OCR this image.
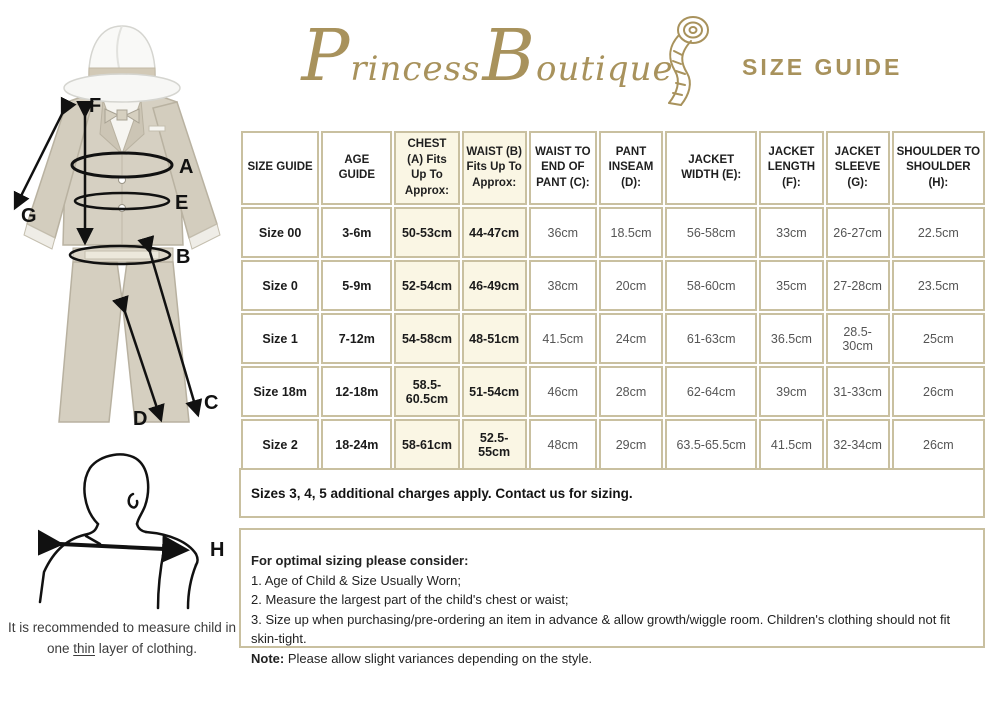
Princess Boutique	SIZE GUIDE
F
G
A
E
B
C
D
H
It is recommended to measure child in one thin layer of clothing.
SIZE GUIDE	AGE GUIDE	CHEST (A) Fits Up To Approx:	WAIST (B) Fits Up To Approx:	WAIST TO END OF PANT (C):	PANT INSEAM (D):	JACKET WIDTH (E):	JACKET LENGTH (F):	JACKET SLEEVE (G):	SHOULDER TO SHOULDER (H):
Size 00	3-6m	50-53cm	44-47cm	36cm	18.5cm	56-58cm	33cm	26-27cm	22.5cm
Size 0	5-9m	52-54cm	46-49cm	38cm	20cm	58-60cm	35cm	27-28cm	23.5cm
Size 1	7-12m	54-58cm	48-51cm	41.5cm	24cm	61-63cm	36.5cm	28.5-30cm	25cm
Size 18m	12-18m	58.5-60.5cm	51-54cm	46cm	28cm	62-64cm	39cm	31-33cm	26cm
Size 2	18-24m	58-61cm	52.5-55cm	48cm	29cm	63.5-65.5cm	41.5cm	32-34cm	26cm
Sizes 3, 4, 5 additional charges apply. Contact us for sizing.
For optimal sizing please consider:
1. Age of Child & Size Usually Worn;
2. Measure the largest part of the child's chest or waist;
3. Size up when purchasing/pre-ordering an item in advance & allow growth/wiggle room. Children's clothing should not fit skin-tight.
Note: Please allow slight variances depending on the style.
